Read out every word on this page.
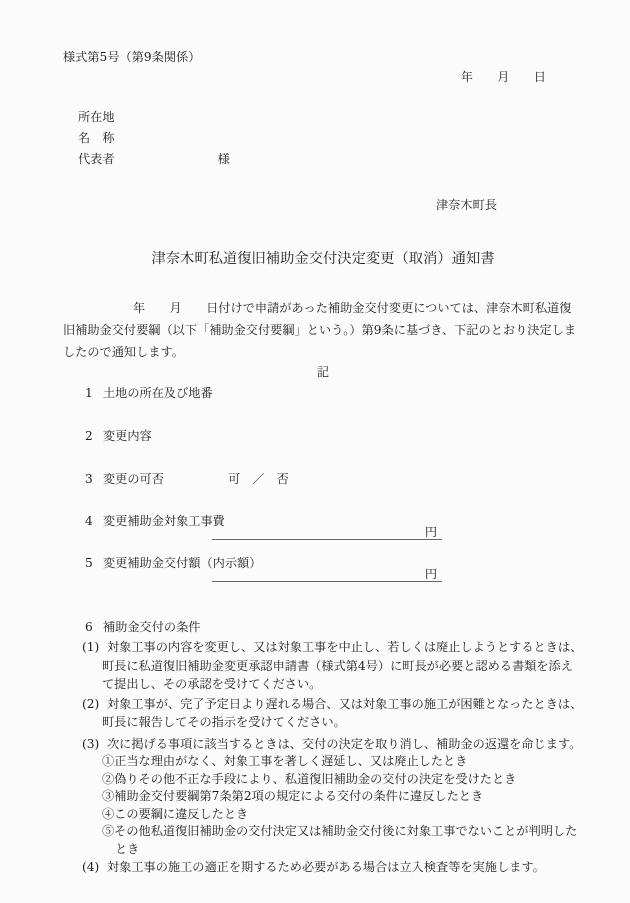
様式第5号（第9条関係）
年　　月　　日
所在地
名　称
代表者	様
津奈木町長
津奈木町私道復旧補助金交付決定変更（取消）通知書

年　　月　　日付けで申請があった補助金交付変更については、津奈木町私道復旧補助金交付要綱（以下「補助金交付要綱」という。）第9条に基づき、下記のとおり決定しましたので通知します。

記
1 土地の所在及び地番
2 変更内容
3 変更の可否	可　／　否
4 変更補助金対象工事費
円
5 変更補助金交付額（内示額）
円
6 補助金交付の条件
(1) 対象工事の内容を変更し、又は対象工事を中止し、若しくは廃止しようとするときは、町長に私道復旧補助金変更承認申請書（様式第4号）に町長が必要と認める書類を添えて提出し、その承認を受けてください。
(2) 対象工事が、完了予定日より遅れる場合、又は対象工事の施工が困難となったときは、町長に報告してその指示を受けてください。
(3) 次に掲げる事項に該当するときは、交付の決定を取り消し、補助金の返還を命じます。
①正当な理由がなく、対象工事を著しく遅延し、又は廃止したとき
②偽りその他不正な手段により、私道復旧補助金の交付の決定を受けたとき
③補助金交付要綱第7条第2項の規定による交付の条件に違反したとき
④この要綱に違反したとき
⑤その他私道復旧補助金の交付決定又は補助金交付後に対象工事でないことが判明したとき
(4) 対象工事の施工の適正を期するため必要がある場合は立入検査等を実施します。
